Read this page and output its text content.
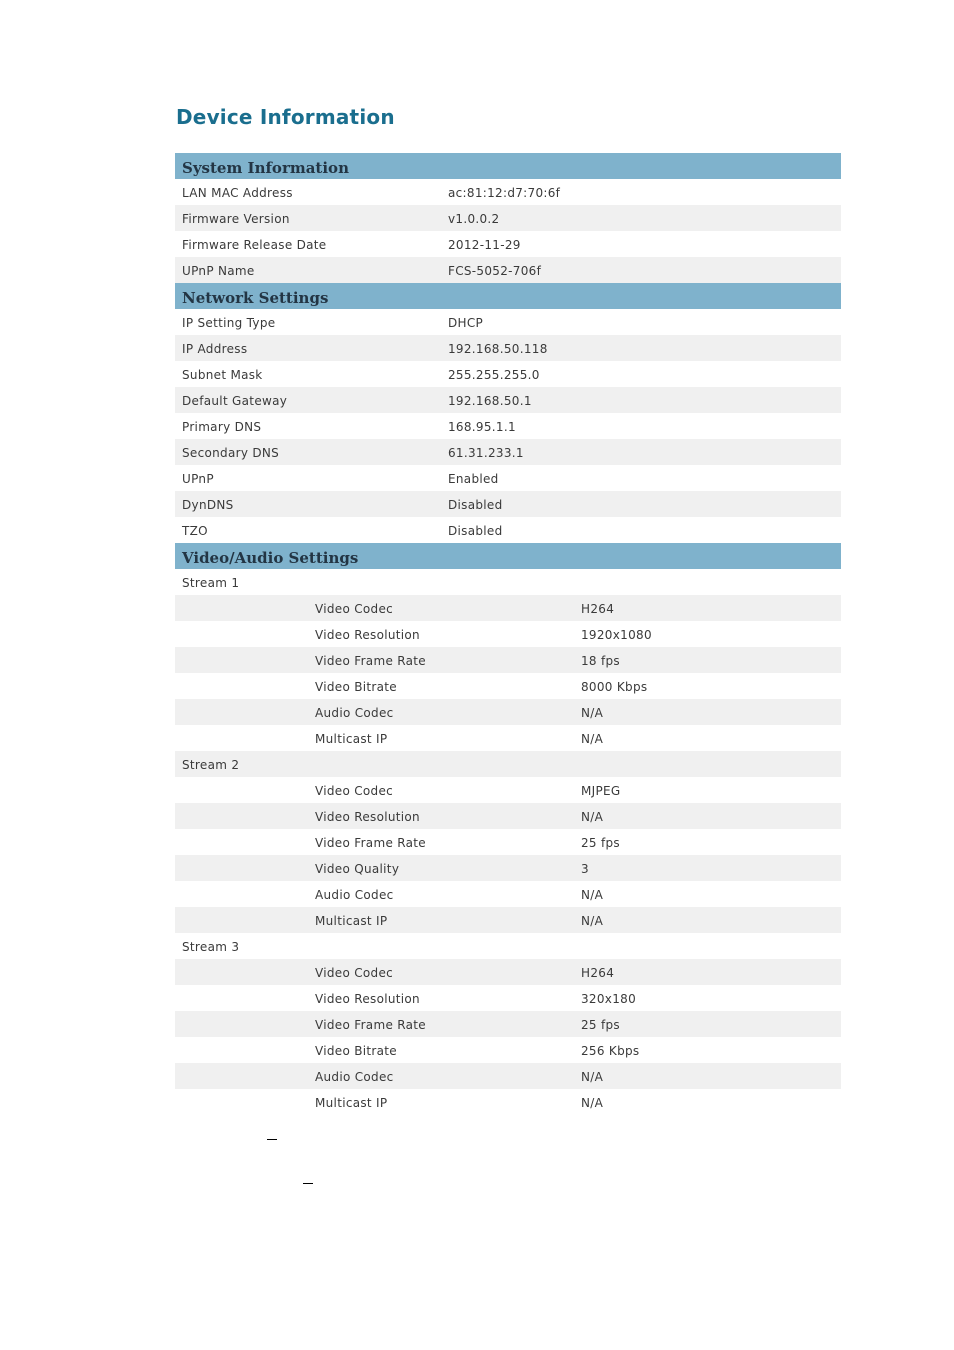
Device Information
System Information
LAN MAC Address	ac:81:12:d7:70:6f
Firmware Version	v1.0.0.2
Firmware Release Date	2012-11-29
UPnP Name	FCS-5052-706f
Network Settings
IP Setting Type	DHCP
IP Address	192.168.50.118
Subnet Mask	255.255.255.0
Default Gateway	192.168.50.1
Primary DNS	168.95.1.1
Secondary DNS	61.31.233.1
UPnP	Enabled
DynDNS	Disabled
TZO	Disabled
Video/Audio Settings
Stream 1
Video Codec	H264
Video Resolution	1920x1080
Video Frame Rate	18 fps
Video Bitrate	8000 Kbps
Audio Codec	N/A
Multicast IP	N/A
Stream 2
Video Codec	MJPEG
Video Resolution	N/A
Video Frame Rate	25 fps
Video Quality	3
Audio Codec	N/A
Multicast IP	N/A
Stream 3
Video Codec	H264
Video Resolution	320x180
Video Frame Rate	25 fps
Video Bitrate	256 Kbps
Audio Codec	N/A
Multicast IP	N/A
